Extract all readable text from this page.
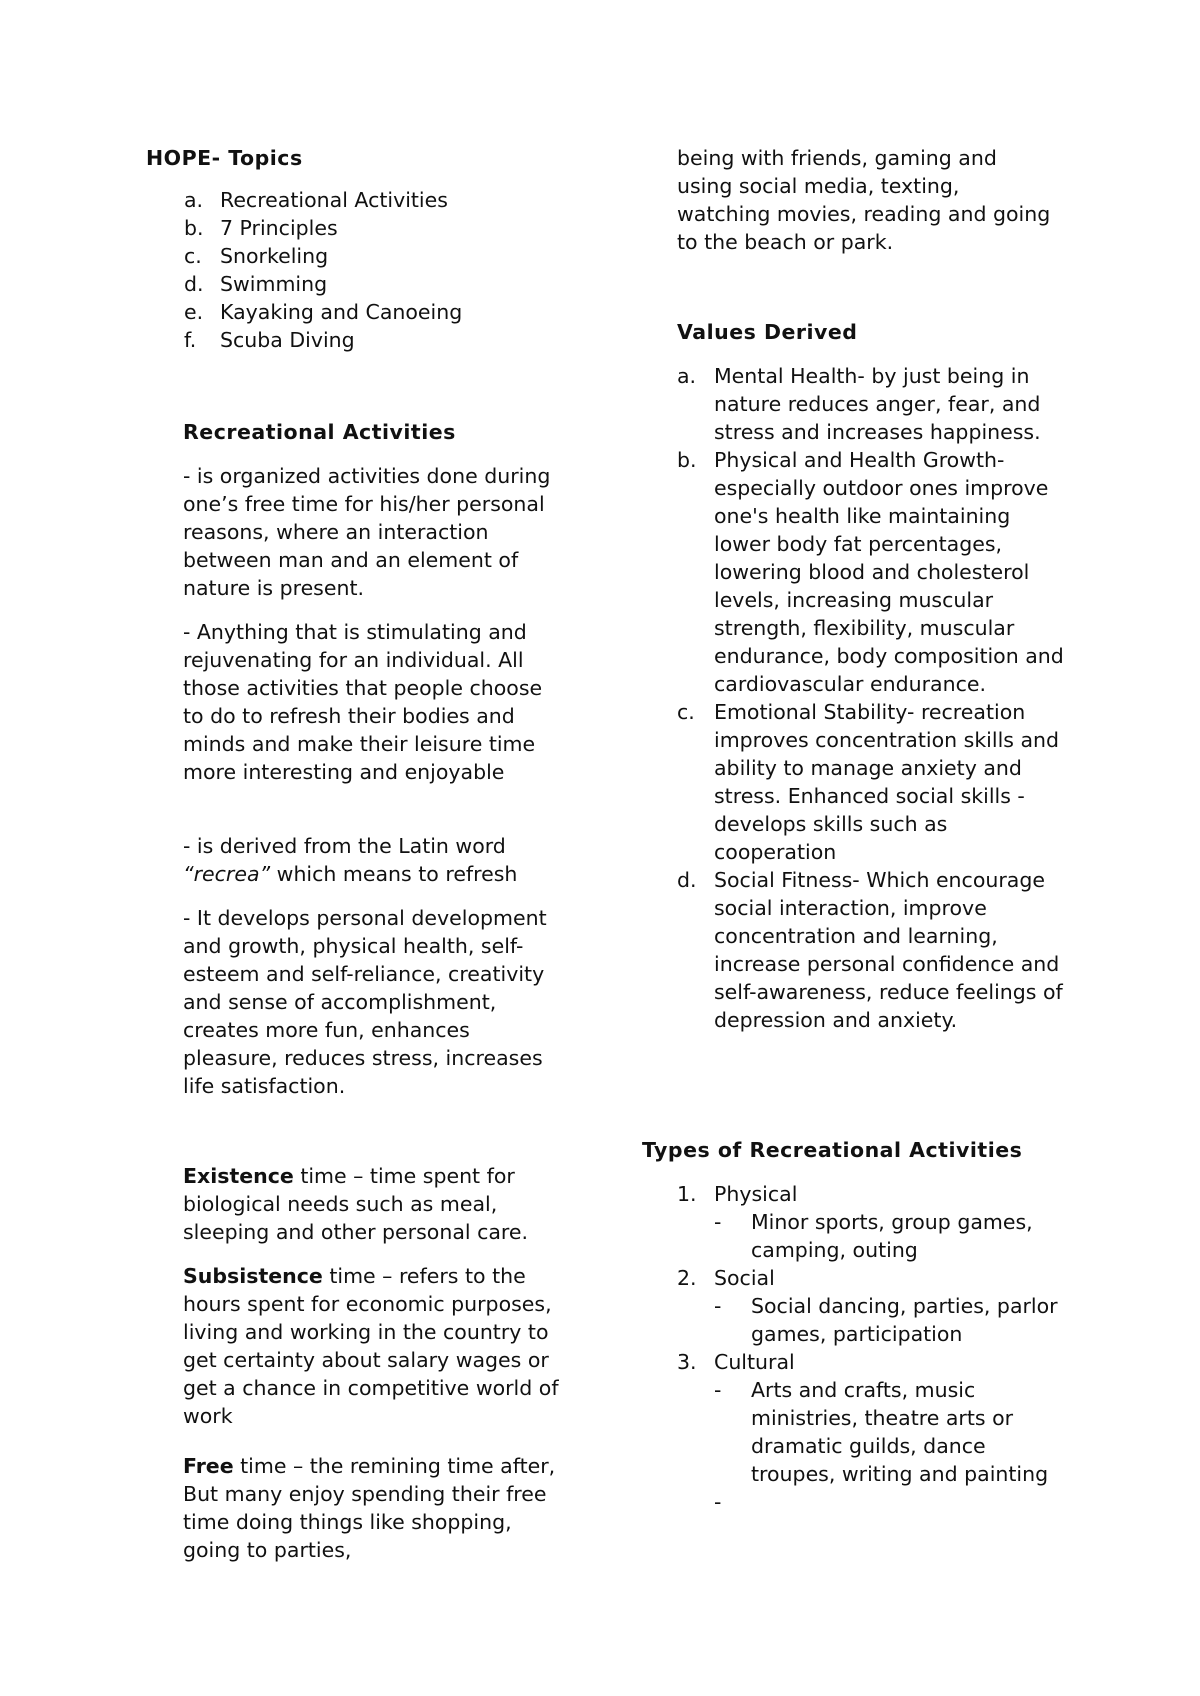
HOPE- Topics
a. Recreational Activities
b. 7 Principles
c. Snorkeling
d. Swimming
e. Kayaking and Canoeing
f. Scuba Diving
Recreational Activities

- is organized activities done during one’s free time for his/her personal reasons, where an interaction between man and an element of nature is present.

- Anything that is stimulating and rejuvenating for an individual. All those activities that people choose to do to refresh their bodies and minds and make their leisure time more interesting and enjoyable

- is derived from the Latin word “recrea” which means to refresh

- It develops personal development and growth, physical health, self-esteem and self-reliance, creativity and sense of accomplishment, creates more fun, enhances pleasure, reduces stress, increases life satisfaction.

Existence time – time spent for biological needs such as meal, sleeping and other personal care.

Subsistence time – refers to the hours spent for economic purposes, living and working in the country to get certainty about salary wages or get a chance in competitive world of work

Free time – the remining time after, But many enjoy spending their free time doing things like shopping, going to parties,

being with friends, gaming and using social media, texting, watching movies, reading and going to the beach or park.

Values Derived
a. Mental Health- by just being in nature reduces anger, fear, and stress and increases happiness.
b. Physical and Health Growth- especially outdoor ones improve one's health like maintaining lower body fat percentages, lowering blood and cholesterol levels, increasing muscular strength, flexibility, muscular endurance, body composition and cardiovascular endurance.
c. Emotional Stability- recreation improves concentration skills and ability to manage anxiety and stress. Enhanced social skills - develops skills such as cooperation
d. Social Fitness- Which encourage social interaction, improve concentration and learning, increase personal confidence and self-awareness, reduce feelings of depression and anxiety.
Types of Recreational Activities
1. Physical
- Minor sports, group games, camping, outing
2. Social
- Social dancing, parties, parlor games, participation
3. Cultural
- Arts and crafts, music ministries, theatre arts or dramatic guilds, dance troupes, writing and painting
-
